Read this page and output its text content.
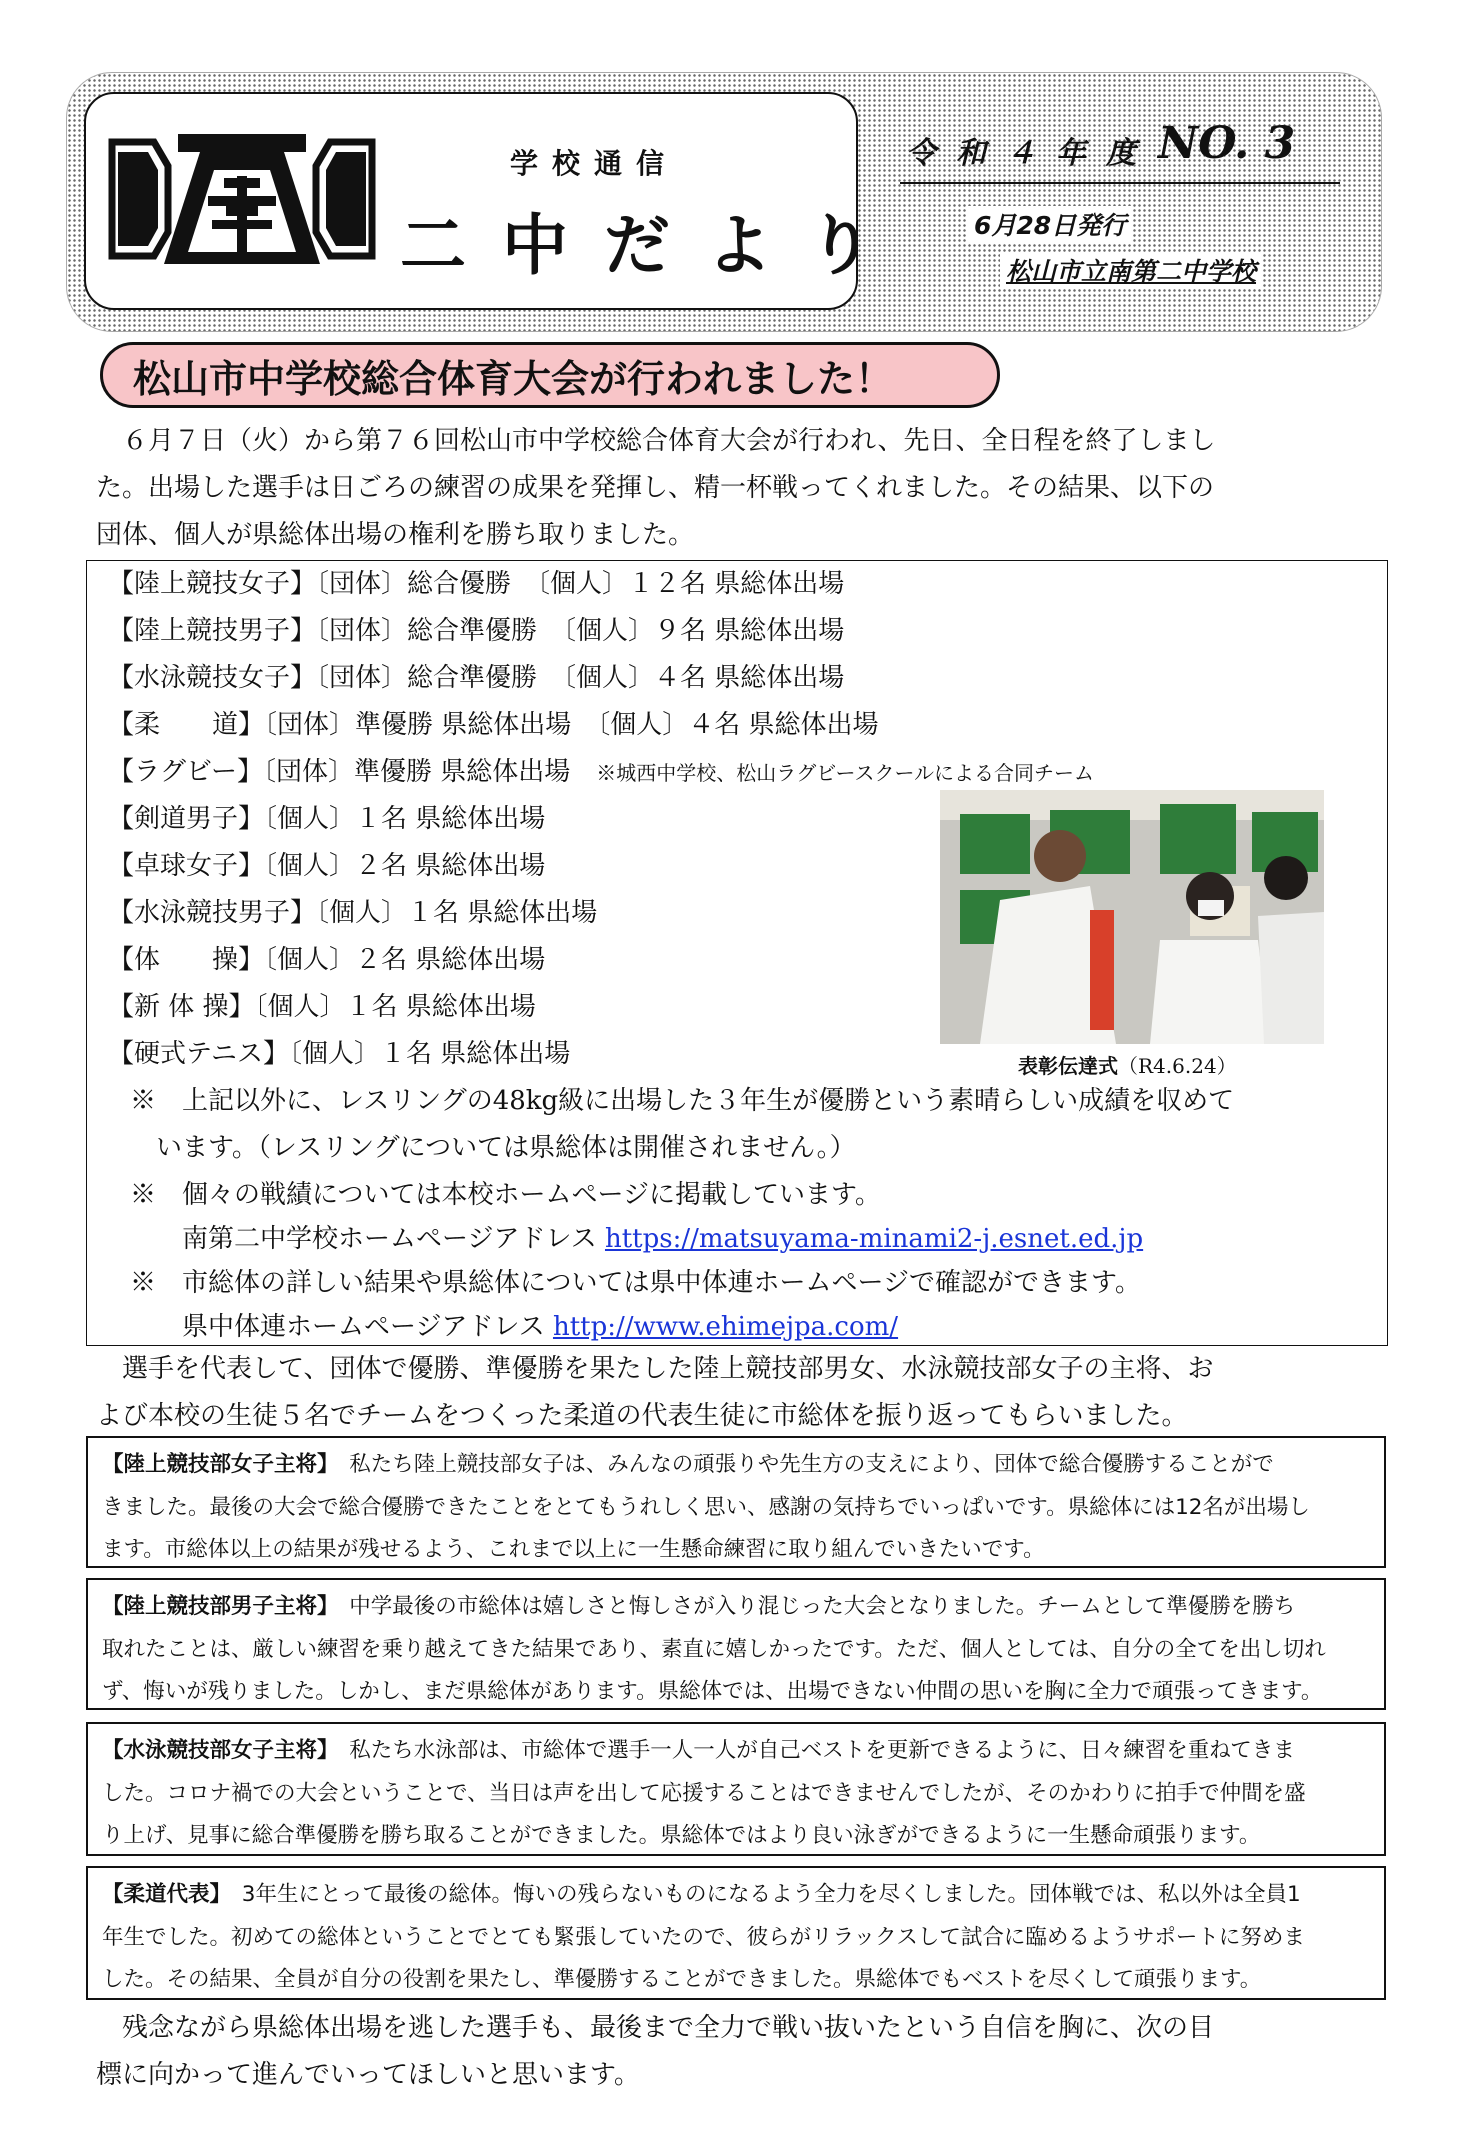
学校通信
二中だより
令和４年度 NO. 3
6月28日発行
松山市立南第二中学校
松山市中学校総合体育大会が行われました！
　６月７日（火）から第７６回松山市中学校総合体育大会が行われ、先日、全日程を終了しまし
た。出場した選手は日ごろの練習の成果を発揮し、精一杯戦ってくれました。その結果、以下の
団体、個人が県総体出場の権利を勝ち取りました。
【陸上競技女子】〔団体〕総合優勝　〔個人〕１２名 県総体出場
【陸上競技男子】〔団体〕総合準優勝　〔個人〕９名 県総体出場
【水泳競技女子】〔団体〕総合準優勝　〔個人〕４名 県総体出場
【柔　　道】〔団体〕準優勝 県総体出場　〔個人〕４名 県総体出場
【ラグビー】〔団体〕準優勝 県総体出場　 ※城西中学校、松山ラグビースクールによる合同チーム
【剣道男子】〔個人〕１名 県総体出場
【卓球女子】〔個人〕２名 県総体出場
【水泳競技男子】〔個人〕１名 県総体出場
【体　　操】〔個人〕２名 県総体出場
【新 体 操】〔個人〕１名 県総体出場
【硬式テニス】〔個人〕１名 県総体出場	表彰伝達式（R4.6.24）
※　上記以外に、レスリングの48kg級に出場した３年生が優勝という素晴らしい成績を収めて
　います。（レスリングについては県総体は開催されません。）
※　個々の戦績については本校ホームページに掲載しています。
　　南第二中学校ホームページアドレス https://matsuyama-minami2-j.esnet.ed.jp
※　市総体の詳しい結果や県総体については県中体連ホームページで確認ができます。
　　県中体連ホームページアドレス http://www.ehimejpa.com/
　選手を代表して、団体で優勝、準優勝を果たした陸上競技部男女、水泳競技部女子の主将、お
よび本校の生徒５名でチームをつくった柔道の代表生徒に市総体を振り返ってもらいました。
【陸上競技部女子主将】　私たち陸上競技部女子は、みんなの頑張りや先生方の支えにより、団体で総合優勝することがで
きました。最後の大会で総合優勝できたことをとてもうれしく思い、感謝の気持ちでいっぱいです。県総体には12名が出場し
ます。市総体以上の結果が残せるよう、これまで以上に一生懸命練習に取り組んでいきたいです。
【陸上競技部男子主将】　中学最後の市総体は嬉しさと悔しさが入り混じった大会となりました。チームとして準優勝を勝ち
取れたことは、厳しい練習を乗り越えてきた結果であり、素直に嬉しかったです。ただ、個人としては、自分の全てを出し切れ
ず、悔いが残りました。しかし、まだ県総体があります。県総体では、出場できない仲間の思いを胸に全力で頑張ってきます。
【水泳競技部女子主将】　私たち水泳部は、市総体で選手一人一人が自己ベストを更新できるように、日々練習を重ねてきま
した。コロナ禍での大会ということで、当日は声を出して応援することはできませんでしたが、そのかわりに拍手で仲間を盛
り上げ、見事に総合準優勝を勝ち取ることができました。県総体ではより良い泳ぎができるように一生懸命頑張ります。
【柔道代表】　3年生にとって最後の総体。悔いの残らないものになるよう全力を尽くしました。団体戦では、私以外は全員1
年生でした。初めての総体ということでとても緊張していたので、彼らがリラックスして試合に臨めるようサポートに努めま
した。その結果、全員が自分の役割を果たし、準優勝することができました。県総体でもベストを尽くして頑張ります。
　残念ながら県総体出場を逃した選手も、最後まで全力で戦い抜いたという自信を胸に、次の目
標に向かって進んでいってほしいと思います。
